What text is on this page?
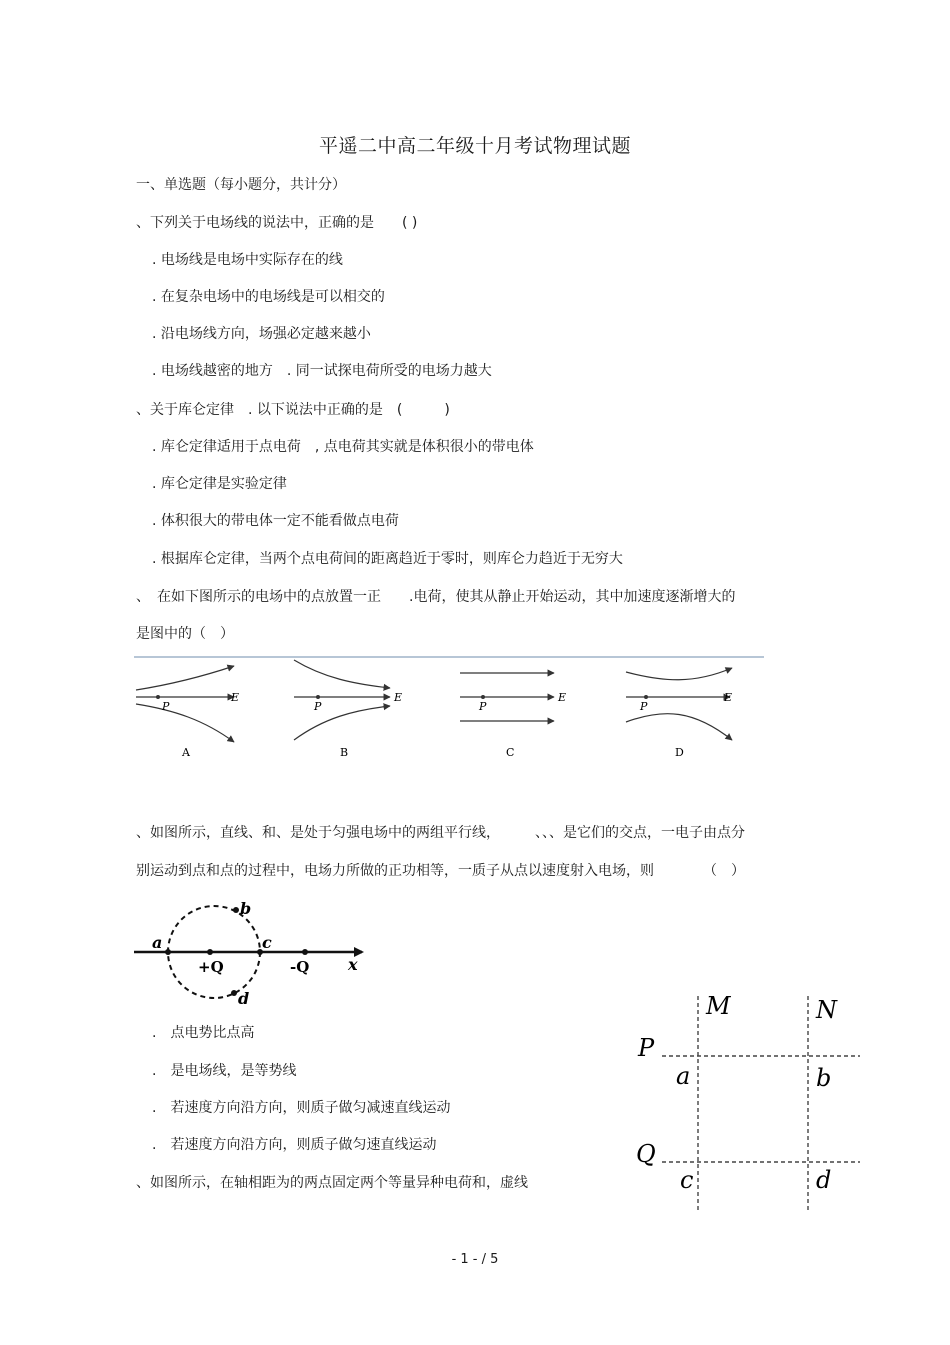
平遥二中高二年级十月考试物理试题
一、单选题（每小题分，共计分）
、下列关于电场线的说法中，正确的是　　( )
. 电场线是电场中实际存在的线
. 在复杂电场中的电场线是可以相交的
. 沿电场线方向，场强必定越来越小
. 电场线越密的地方　. 同一试探电荷所受的电场力越大
、关于库仑定律　. 以下说法中正确的是　(　　　)
. 库仑定律适用于点电荷　, 点电荷其实就是体积很小的带电体
. 库仑定律是实验定律
. 体积很大的带电体一定不能看做点电荷
. 根据库仑定律，当两个点电荷间的距离趋近于零时，则库仑力趋近于无穷大
、　在如下图所示的电场中的点放置一正　　.电荷，使其从静止开始运动，其中加速度逐渐增大的
是图中的（　）
P
E
A
P
E
B
P
E
C
P
E
D
、如图所示，直线、和、是处于匀强电场中的两组平行线，　　　、、、是它们的交点，一电子由点分
别运动到点和点的过程中，电场力所做的正功相等，一质子从点以速度射入电场，则　　　　（　）
a
b
c
d
+Q	-Q x
.　点电势比点高
.　是电场线，是等势线
.　若速度方向沿方向，则质子做匀减速直线运动
.　若速度方向沿方向，则质子做匀速直线运动
、如图所示，在轴相距为的两点固定两个等量异种电荷和，虚线
M	N
P
Q
a	b
c	d
- 1 - / 5
